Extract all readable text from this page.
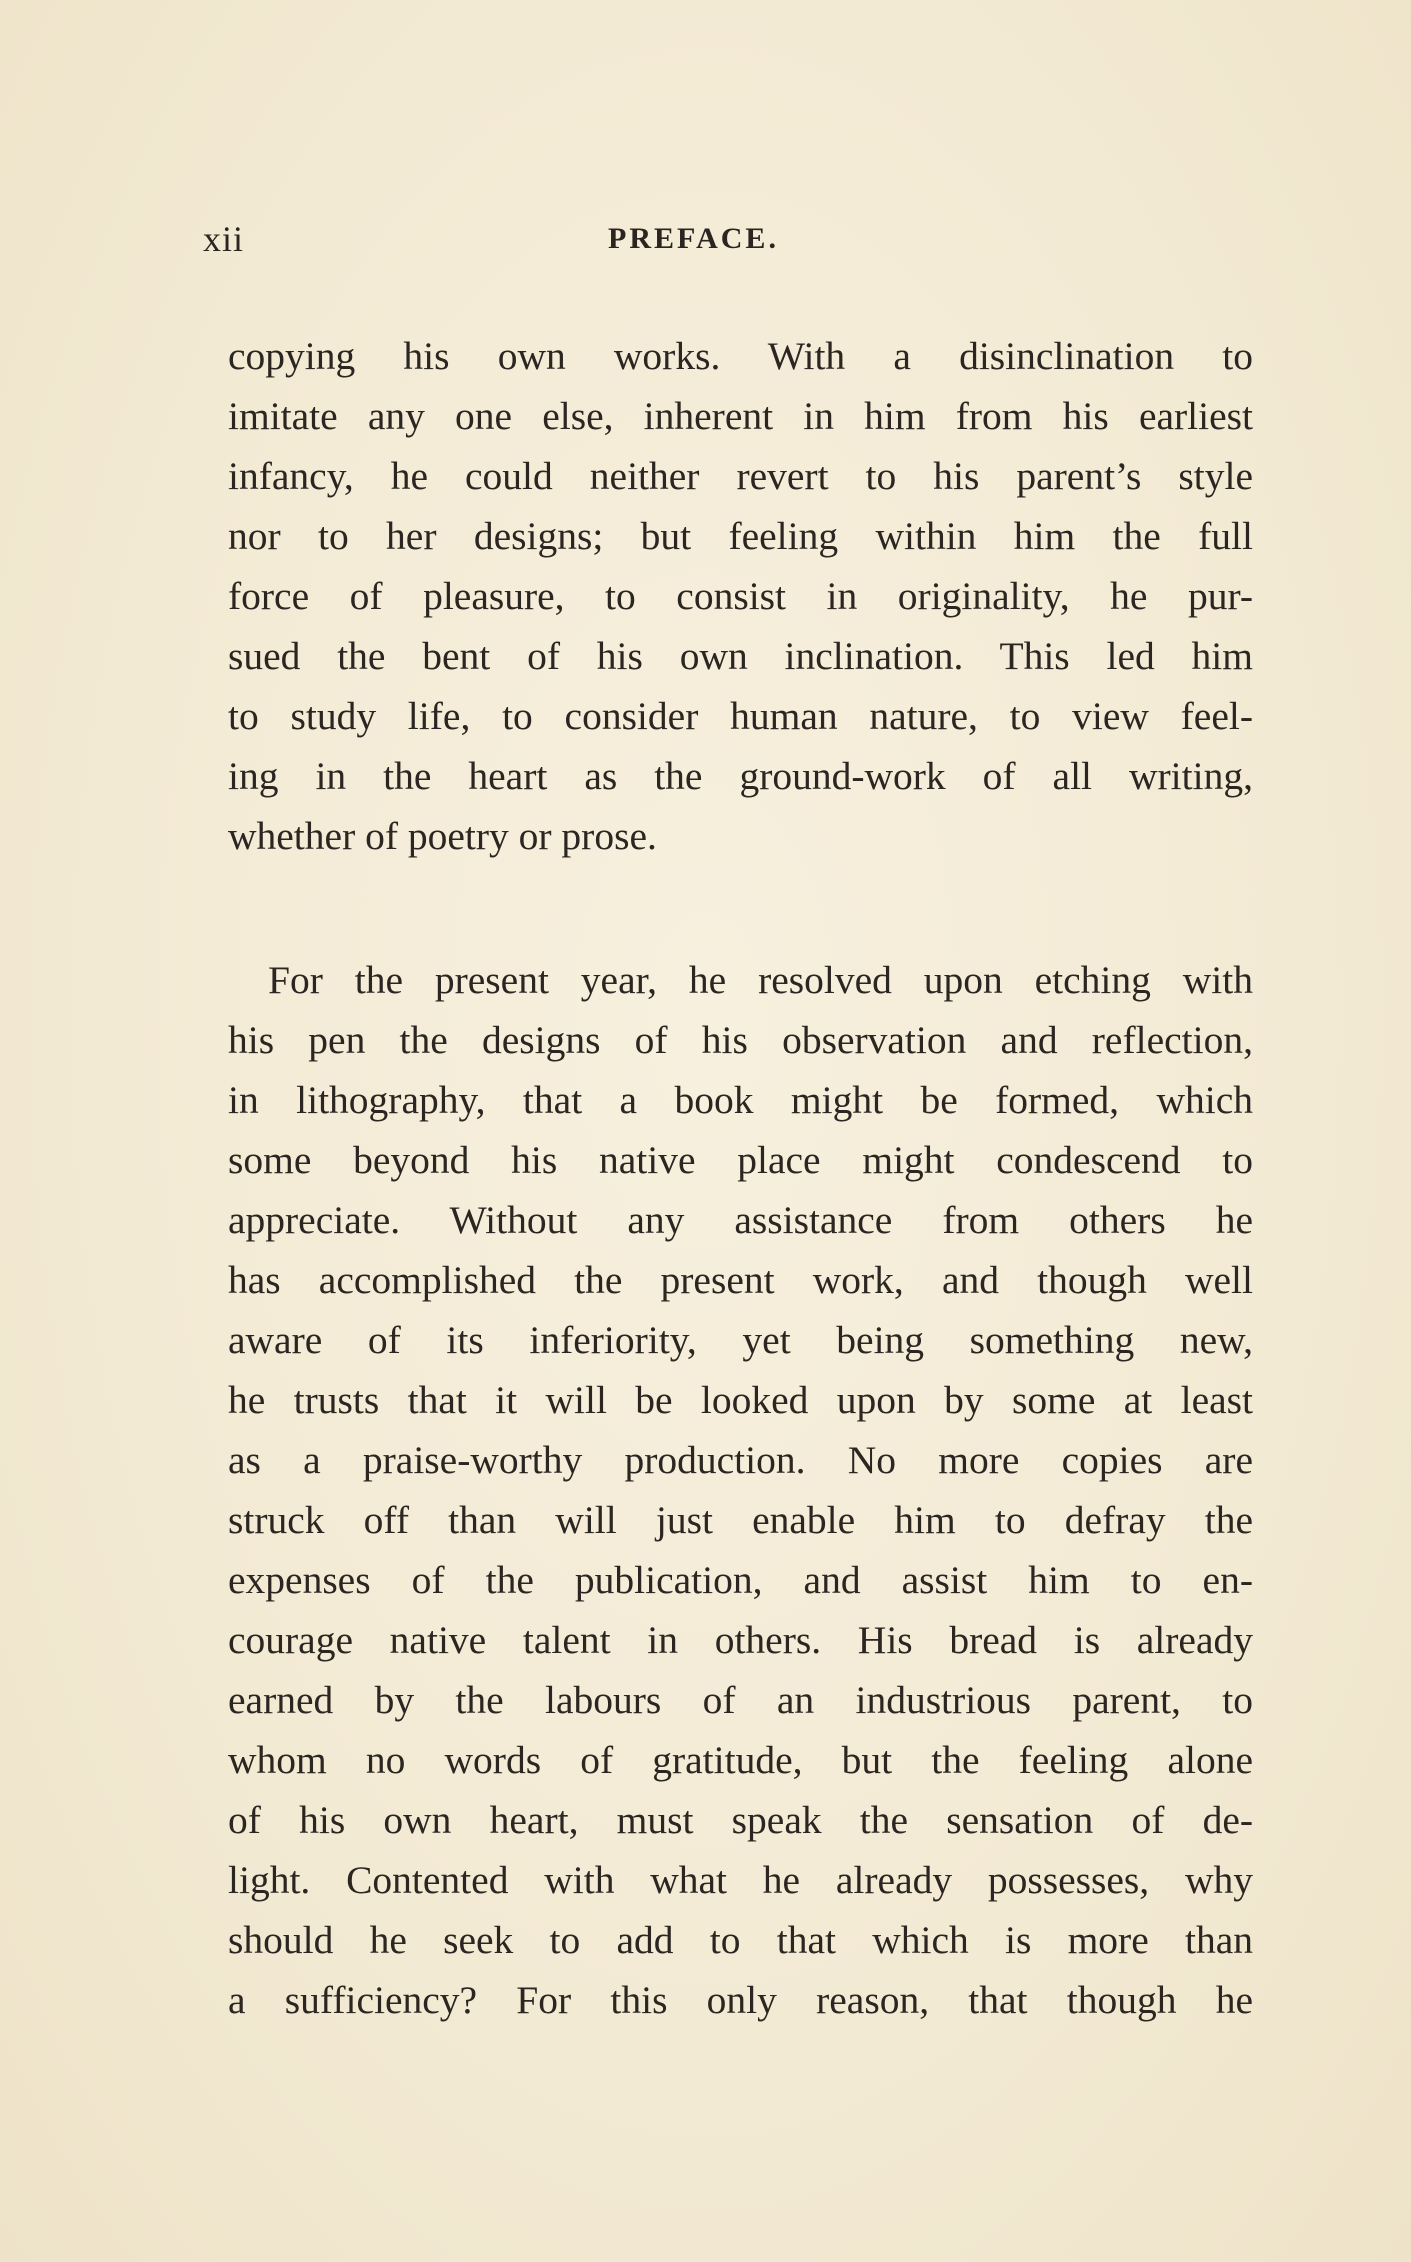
xii	PREFACE.
copying his own works. With a disinclination to
imitate any one else, inherent in him from his earliest
infancy, he could neither revert to his parent’s style
nor to her designs; but feeling within him the full
force of pleasure, to consist in originality, he pur-
sued the bent of his own inclination. This led him
to study life, to consider human nature, to view feel-
ing in the heart as the ground-work of all writing,
whether of poetry or prose.
For the present year, he resolved upon etching with
his pen the designs of his observation and reflection,
in lithography, that a book might be formed, which
some beyond his native place might condescend to
appreciate. Without any assistance from others he
has accomplished the present work, and though well
aware of its inferiority, yet being something new,
he trusts that it will be looked upon by some at least
as a praise-worthy production. No more copies are
struck off than will just enable him to defray the
expenses of the publication, and assist him to en-
courage native talent in others. His bread is already
earned by the labours of an industrious parent, to
whom no words of gratitude, but the feeling alone
of his own heart, must speak the sensation of de-
light. Contented with what he already possesses, why
should he seek to add to that which is more than
a sufficiency? For this only reason, that though he
